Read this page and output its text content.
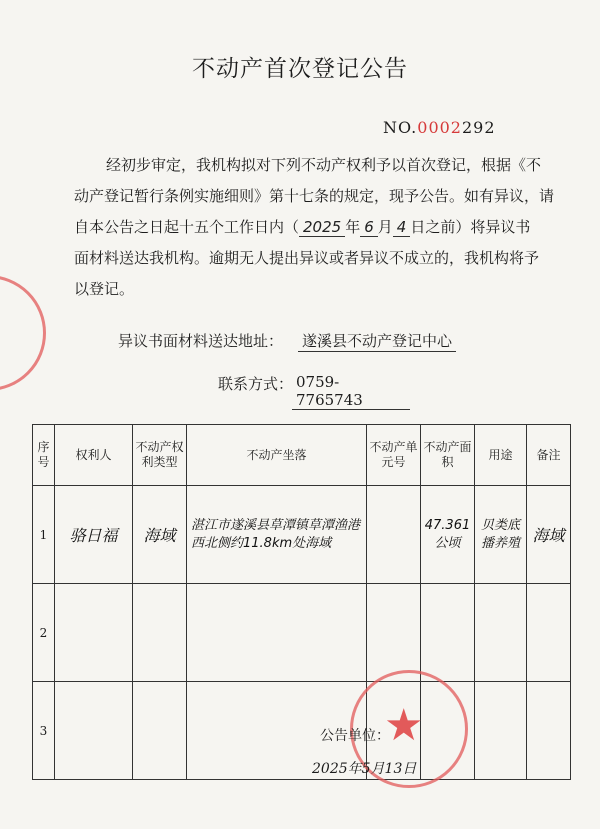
不动产首次登记公告
NO.0002292
经初步审定，我机构拟对下列不动产权利予以首次登记，根据《不
动产登记暂行条例实施细则》第十七条的规定，现予公告。如有异议，请
自本公告之日起十五个工作日内（ 2025 年 6 月 4 日之前）将异议书
面材料送达我机构。逾期无人提出异议或者异议不成立的，我机构将予
以登记。
异议书面材料送达地址： 遂溪县不动产登记中心
联系方式： 0759-7765743
序号	权利人	不动产权利类型	不动产坐落	不动产单元号	不动产面积	用途	备注
1	骆日福	海域	湛江市遂溪县草潭镇草潭渔港西北侧约11.8km处海域		47.361公顷	贝类底播养殖	海域
2							
3								★
公告单位：
2025年5月13日
